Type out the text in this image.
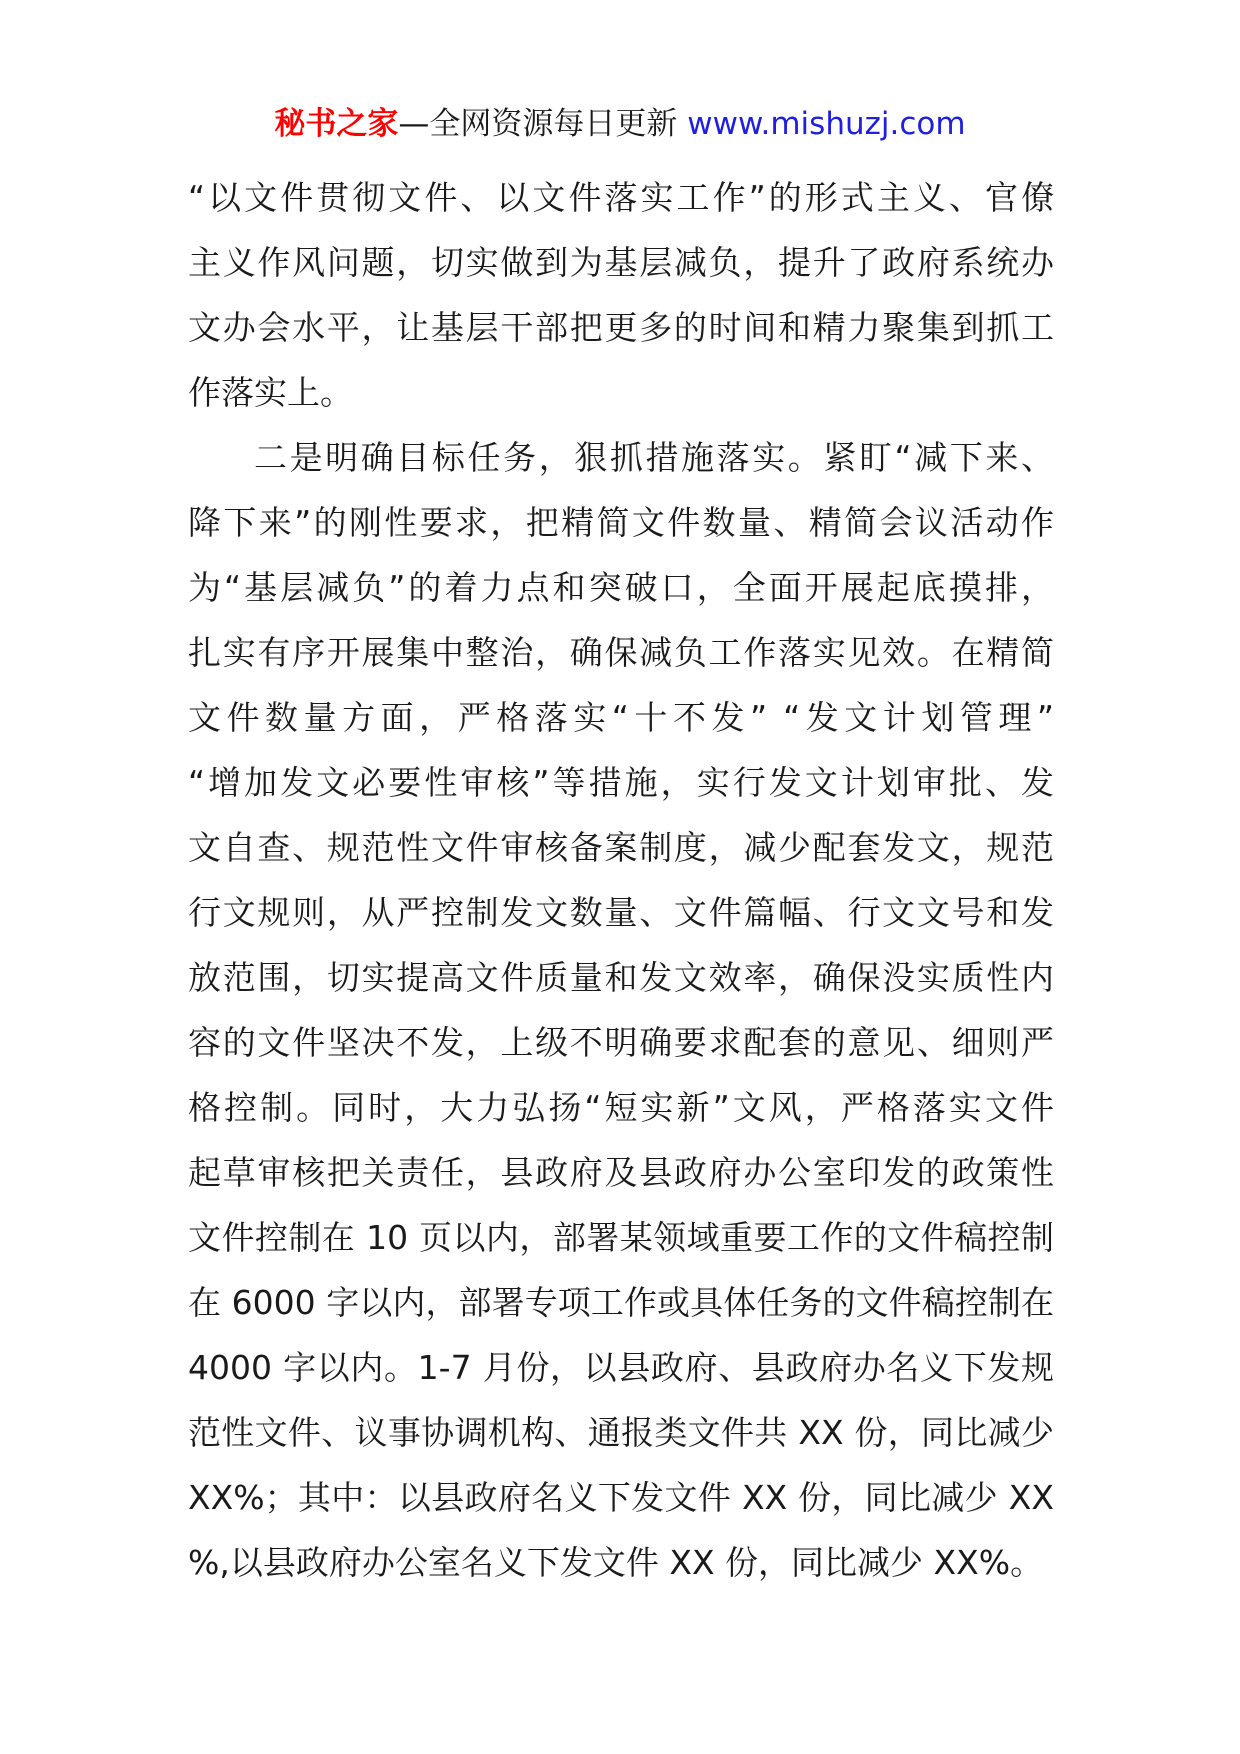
秘书之家—全网资源每日更新 www.mishuzj.com
“以文件贯彻文件、以文件落实工作”的形式主义、官僚
主义作风问题，切实做到为基层减负，提升了政府系统办
文办会水平，让基层干部把更多的时间和精力聚集到抓工
作落实上。
二是明确目标任务，狠抓措施落实。紧盯“减下来、
降下来”的刚性要求，把精简文件数量、精简会议活动作
为“基层减负”的着力点和突破口，全面开展起底摸排，
扎实有序开展集中整治，确保减负工作落实见效。在精简
文件数量方面，严格落实“十不发” “发文计划管理”
“增加发文必要性审核”等措施，实行发文计划审批、发
文自查、规范性文件审核备案制度，减少配套发文，规范
行文规则，从严控制发文数量、文件篇幅、行文文号和发
放范围，切实提高文件质量和发文效率，确保没实质性内
容的文件坚决不发，上级不明确要求配套的意见、细则严
格控制。同时，大力弘扬“短实新”文风，严格落实文件
起草审核把关责任，县政府及县政府办公室印发的政策性
文件控制在 10 页以内，部署某领域重要工作的文件稿控制
在 6000 字以内，部署专项工作或具体任务的文件稿控制在
4000 字以内。1-7 月份，以县政府、县政府办名义下发规
范性文件、议事协调机构、通报类文件共 XX 份，同比减少
XX%；其中：以县政府名义下发文件 XX 份，同比减少 XX
%,以县政府办公室名义下发文件 XX 份，同比减少 XX%。
